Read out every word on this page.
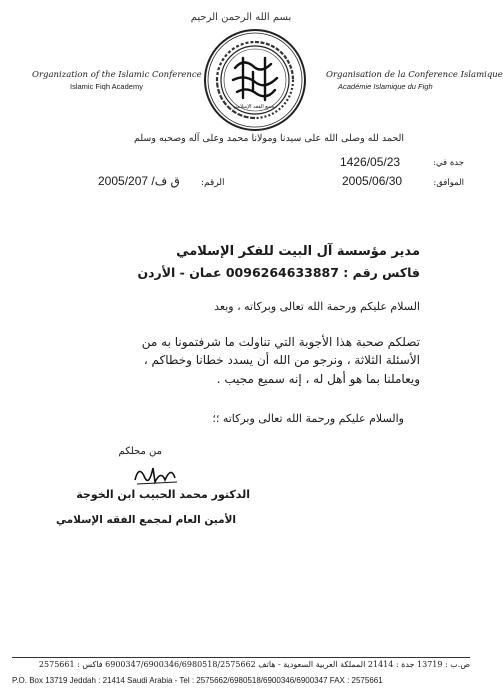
بسم الله الرحمن الرحيم
Organization of the Islamic Conference
Islamic Fiqh Academy
مجمع الفقه الإسلامي
Organisation de la Conference Islamique
Académie Islamique du Figh
الحمد لله وصلى الله على سيدنا ومولانا محمد وعلى آله وصحبه وسلم
جدة في:
1426/05/23
الموافق:
2005/06/30
الرقم:
2005/ق ف/ 207
مدير مؤسسة آل البيت للفكر الإسلامي
فاكس رقم : 0096264633887 عمان - الأردن
السلام عليكم ورحمة الله تعالى وبركاته ، وبعد
تصلكم صحبة هذا الأجوبة التي تناولت ما شرفتمونا به من
الأسئلة الثلاثة ، ونرجو من الله أن يسدد خطانا وخطاكم ،
ويعاملنا بما هو أهل له ، إنه سميع مجيب .
والسلام عليكم ورحمة الله تعالى وبركاته ؛؛
من محلكم
الدكتور محمد الحبيب ابن الخوجة
الأمين العام لمجمع الفقه الإسلامي
ص.ب : 13719 جدة : 21414 المملكة العربية السعودية - هاتف 6900347/6900346/6980518/2575662 فاكس : 2575661
P.O. Box 13719 Jeddah : 21414 Saudi Arabia - Tel : 2575662/6980518/6900346/6900347 FAX : 2575661
